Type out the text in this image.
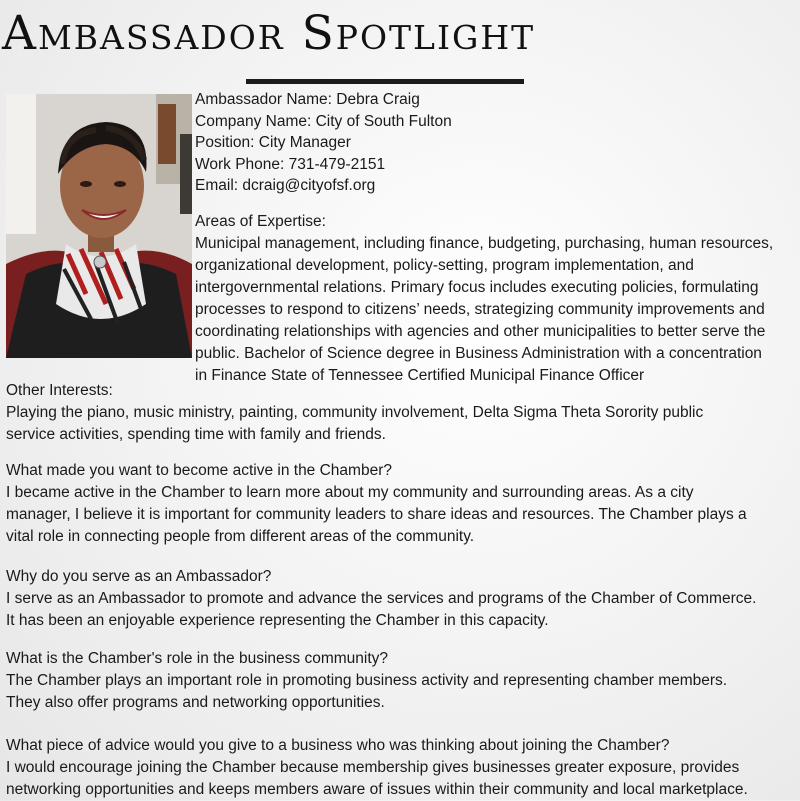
Ambassador Spotlight
Ambassador Name: Debra Craig
Company Name: City of South Fulton
Position: City Manager
Work Phone: 731-479-2151
Email: dcraig@cityofsf.org
Areas of Expertise:
Municipal management, including finance, budgeting, purchasing, human resources,
organizational development, policy-setting, program implementation, and
intergovernmental relations. Primary focus includes executing policies, formulating
processes to respond to citizens’ needs, strategizing community improvements and
coordinating relationships with agencies and other municipalities to better serve the
public. Bachelor of Science degree in Business Administration with a concentration
in Finance State of Tennessee Certified Municipal Finance Officer
Other Interests:
Playing the piano, music ministry, painting, community involvement, Delta Sigma Theta Sorority public
service activities, spending time with family and friends.
What made you want to become active in the Chamber?
I became active in the Chamber to learn more about my community and surrounding areas. As a city
manager, I believe it is important for community leaders to share ideas and resources. The Chamber plays a
vital role in connecting people from different areas of the community.
Why do you serve as an Ambassador?
I serve as an Ambassador to promote and advance the services and programs of the Chamber of Commerce.
It has been an enjoyable experience representing the Chamber in this capacity.
What is the Chamber's role in the business community?
The Chamber plays an important role in promoting business activity and representing chamber members.
They also offer programs and networking opportunities.
What piece of advice would you give to a business who was thinking about joining the Chamber?
I would encourage joining the Chamber because membership gives businesses greater exposure, provides
networking opportunities and keeps members aware of issues within their community and local marketplace.
